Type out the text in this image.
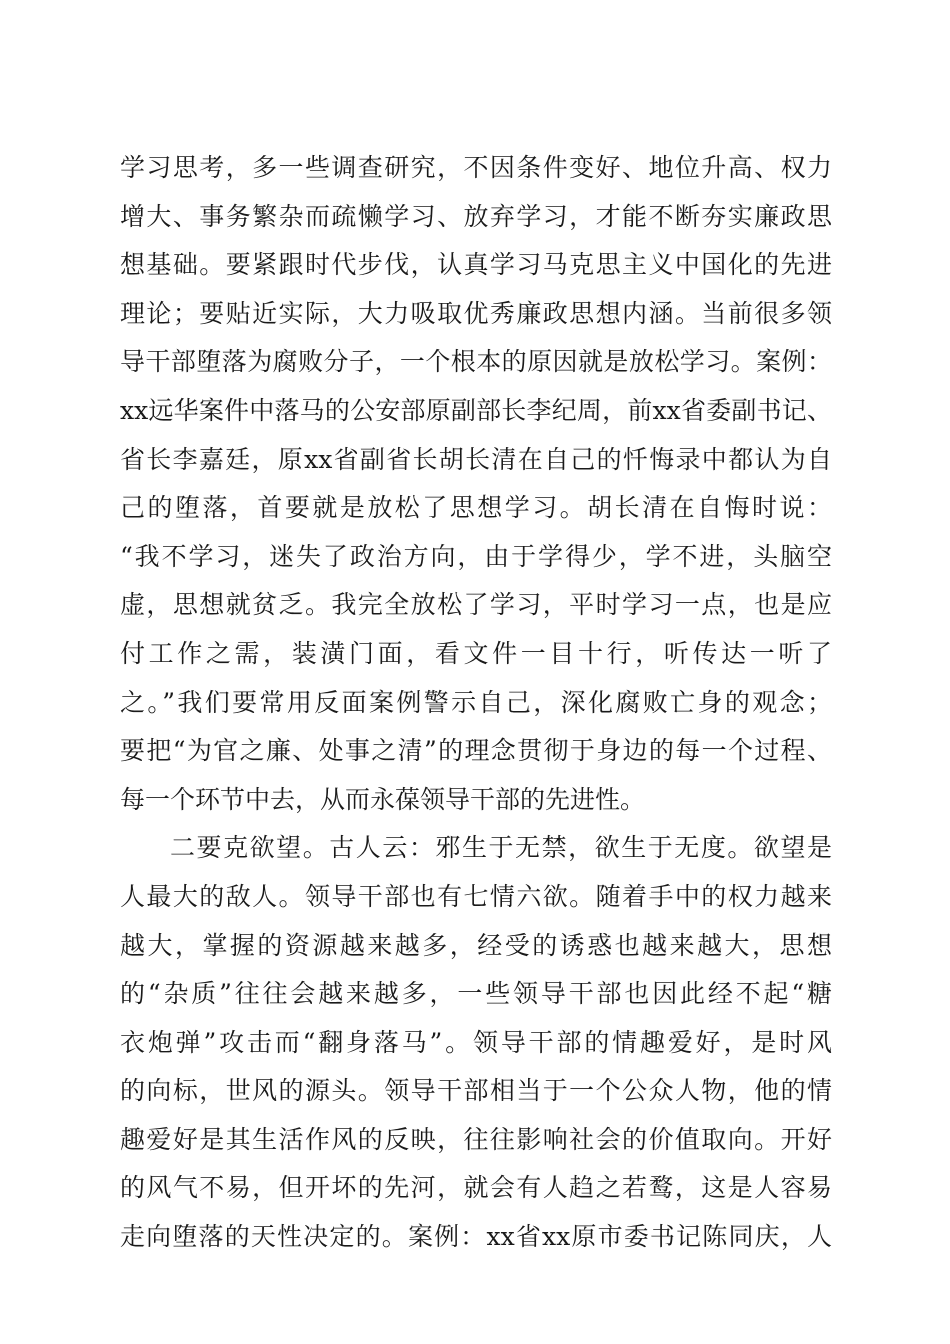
学习思考，多一些调查研究，不因条件变好、地位升高、权力
增大、事务繁杂而疏懒学习、放弃学习，才能不断夯实廉政思
想基础。要紧跟时代步伐，认真学习马克思主义中国化的先进
理论；要贴近实际，大力吸取优秀廉政思想内涵。当前很多领
导干部堕落为腐败分子，一个根本的原因就是放松学习。案例：
xx远华案件中落马的公安部原副部长李纪周，前xx省委副书记、
省长李嘉廷，原xx省副省长胡长清在自己的忏悔录中都认为自
己的堕落，首要就是放松了思想学习。胡长清在自悔时说：
“我不学习，迷失了政治方向，由于学得少，学不进，头脑空
虚，思想就贫乏。我完全放松了学习，平时学习一点，也是应
付工作之需，装潢门面，看文件一目十行，听传达一听了
之。”我们要常用反面案例警示自己，深化腐败亡身的观念；
要把“为官之廉、处事之清”的理念贯彻于身边的每一个过程、
每一个环节中去，从而永葆领导干部的先进性。
二要克欲望。古人云：邪生于无禁，欲生于无度。欲望是
人最大的敌人。领导干部也有七情六欲。随着手中的权力越来
越大，掌握的资源越来越多，经受的诱惑也越来越大，思想
的“杂质”往往会越来越多，一些领导干部也因此经不起“糖
衣炮弹”攻击而“翻身落马”。领导干部的情趣爱好，是时风
的向标，世风的源头。领导干部相当于一个公众人物，他的情
趣爱好是其生活作风的反映，往往影响社会的价值取向。开好
的风气不易，但开坏的先河，就会有人趋之若鹜，这是人容易
走向堕落的天性决定的。案例：xx省xx原市委书记陈同庆，人
